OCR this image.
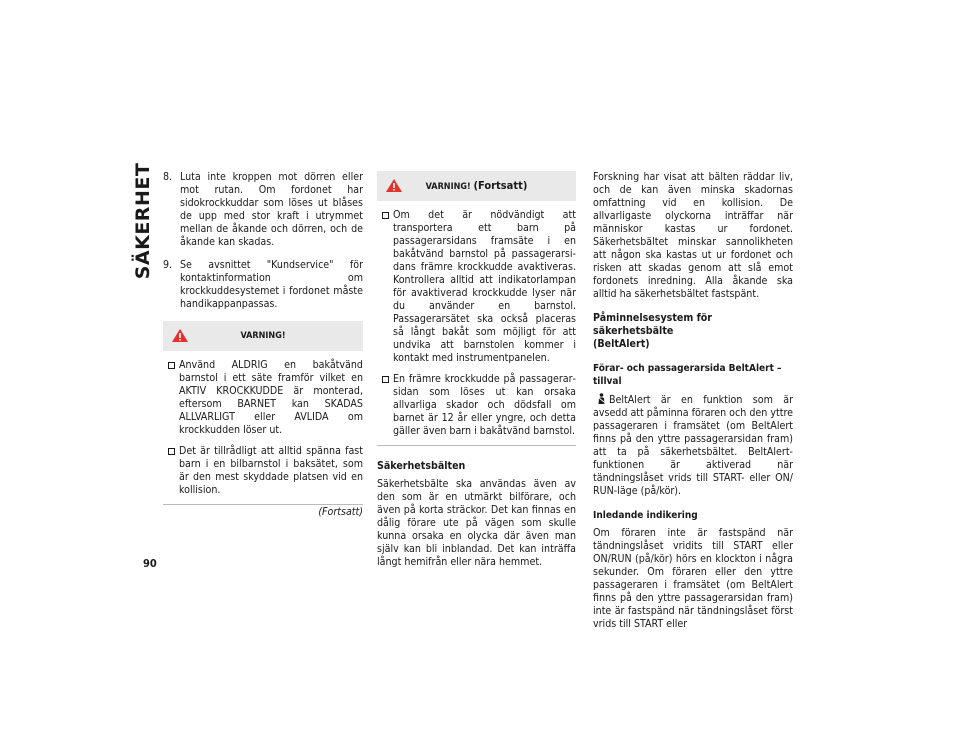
SÄKERHET
90
8. Luta inte kroppen mot dörren eller mot rutan. Om fordonet har sidokrockkuddar som löses ut blåses de upp med stor kraft i utrymmet mellan de åkande och dörren, och de åkande kan skadas.
9. Se avsnittet "Kundservice" för kontaktinformation om krockkuddesystemet i fordonet måste handikappanpassas.
VARNING!
Använd ALDRIG en bakåtvänd barnstol i ett säte framför vilket en AKTIV KROCKKUDDE är monterad, eftersom BARNET kan SKADAS ALLVARLIGT eller AVLIDA om krockkudden löser ut.
Det är tillrådligt att alltid spänna fast barn i en bilbarnstol i baksätet, som är den mest skyddade platsen vid en kollision.
(Fortsatt)
VARNING! (Fortsatt)
Om det är nödvändigt att transportera ett barn på passagerarsidans framsäte i en bakåtvänd barnstol på passagerarsidans främre krockkudde avaktiveras. Kontrollera alltid att indikatorlampan för avaktiverad krockkudde lyser när du använder en barnstol. Passagerarsätet ska också placeras så långt bakåt som möjligt för att undvika att barnstolen kommer i kontakt med instrumentpanelen.
En främre krockkudde på passagerarsidan som löses ut kan orsaka allvarliga skador och dödsfall om barnet är 12 år eller yngre, och detta gäller även barn i bakåtvänd barnstol.
Säkerhetsbälten

Säkerhetsbälte ska användas även av den som är en utmärkt bilförare, och även på korta sträckor. Det kan finnas en dålig förare ute på vägen som skulle kunna orsaka en olycka där även man själv kan bli inblandad. Det kan inträffa långt hemifrån eller nära hemmet.

Forskning har visat att bälten räddar liv, och de kan även minska skadornas omfattning vid en kollision. De allvarligaste olyckorna inträffar när människor kastas ur fordonet. Säkerhetsbältet minskar sannolikheten att någon ska kastas ut ur fordonet och risken att skadas genom att slå emot fordonets inredning. Alla åkande ska alltid ha säkerhetsbältet fastspänt.

Påminnelsesystem för säkerhetsbälte
(BeltAlert)
Förar- och passagerarsida BeltAlert – tillval

BeltAlert är en funktion som är avsedd att påminna föraren och den yttre passageraren i framsätet (om BeltAlert finns på den yttre passagerarsidan fram) att ta på säkerhetsbältet. BeltAlert-funktionen är aktiverad när tändningslåset vrids till START- eller ON/ RUN-läge (på/kör).

Inledande indikering

Om föraren inte är fastspänd när tändningslåset vridits till START eller ON/RUN (på/kör) hörs en klockton i några sekunder. Om föraren eller den yttre passageraren i framsätet (om BeltAlert finns på den yttre passagerarsidan fram) inte är fastspänd när tändningslåset först vrids till START eller
